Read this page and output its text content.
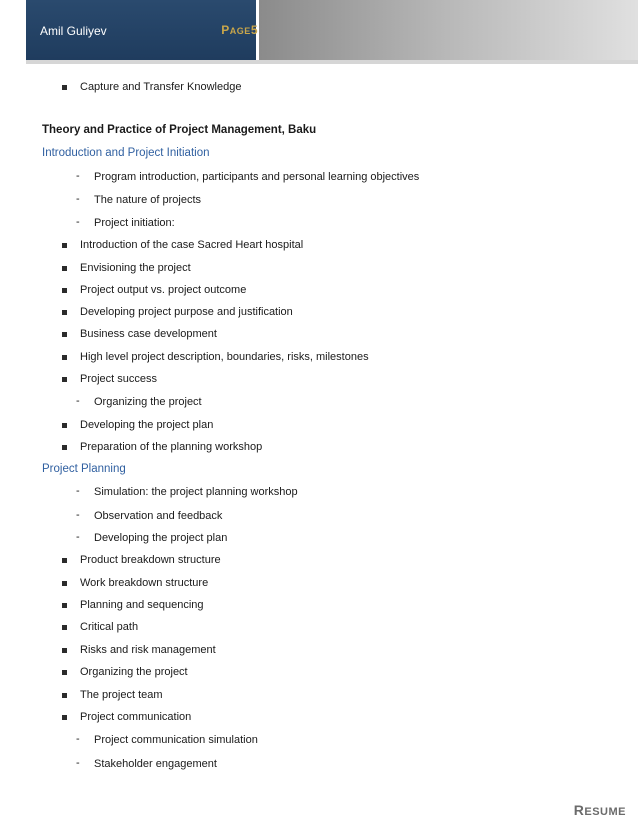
Amil Guliyev	PAGE5
Capture and Transfer Knowledge
Theory and Practice of Project Management, Baku
Introduction and Project Initiation
- Program introduction, participants and personal learning objectives
- The nature of projects
- Project initiation:
Introduction of the case Sacred Heart hospital
Envisioning the project
Project output vs. project outcome
Developing project purpose and justification
Business case development
High level project description, boundaries, risks, milestones
Project success
- Organizing the project
Developing the project plan
Preparation of the planning workshop
Project Planning
- Simulation: the project planning workshop
- Observation and feedback
- Developing the project plan
Product breakdown structure
Work breakdown structure
Planning and sequencing
Critical path
Risks and risk management
Organizing the project
The project team
Project communication
- Project communication simulation
- Stakeholder engagement
RESUME
